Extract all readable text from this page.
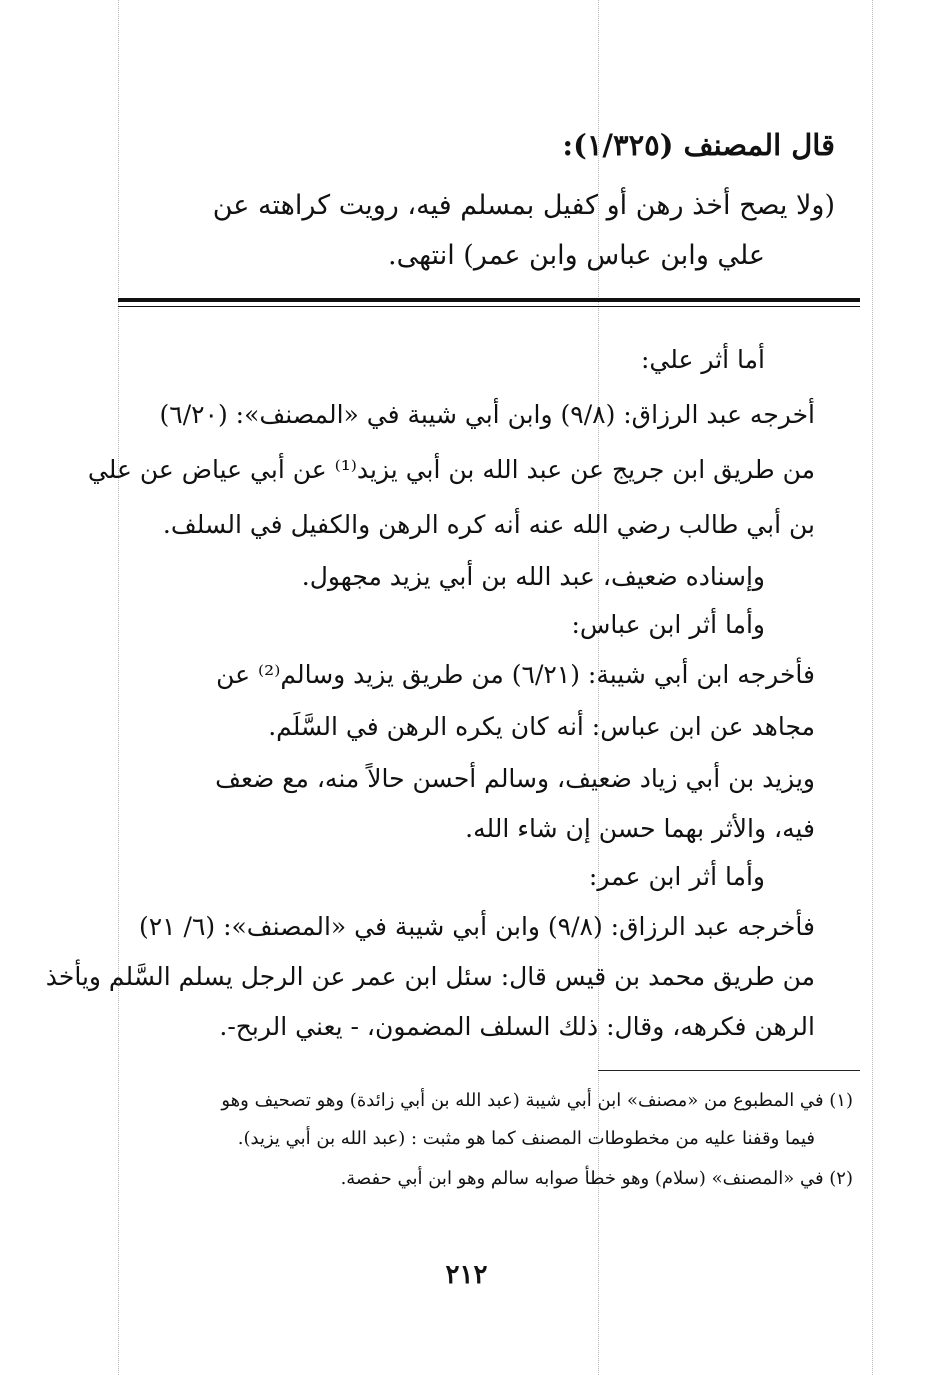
قال المصنف (١/٣٢٥):
(ولا يصح أخذ رهن أو كفيل بمسلم فيه، رويت كراهته عن
علي وابن عباس وابن عمر) انتهى.
أما أثر علي:
أخرجه عبد الرزاق: (٩/٨) وابن أبي شيبة في «المصنف»: (٦/٢٠)
من طريق ابن جريج عن عبد الله بن أبي يزيد⁽¹⁾ عن أبي عياض عن علي
بن أبي طالب رضي الله عنه أنه كره الرهن والكفيل في السلف.
وإسناده ضعيف، عبد الله بن أبي يزيد مجهول.
وأما أثر ابن عباس:
فأخرجه ابن أبي شيبة: (٦/٢١) من طريق يزيد وسالم⁽²⁾ عن
مجاهد عن ابن عباس: أنه كان يكره الرهن في السَّلَم.
ويزيد بن أبي زياد ضعيف، وسالم أحسن حالاً منه، مع ضعف
فيه، والأثر بهما حسن إن شاء الله.
وأما أثر ابن عمر:
فأخرجه عبد الرزاق: (٩/٨) وابن أبي شيبة في «المصنف»: (٦/ ٢١)
من طريق محمد بن قيس قال: سئل ابن عمر عن الرجل يسلم السَّلم ويأخذ
الرهن فكرهه، وقال: ذلك السلف المضمون، - يعني الربح-.
(١) في المطبوع من «مصنف» ابن أبي شيبة (عبد الله بن أبي زائدة) وهو تصحيف وهو
فيما وقفنا عليه من مخطوطات المصنف كما هو مثبت : (عبد الله بن أبي يزيد).
(٢) في «المصنف» (سلام) وهو خطأ صوابه سالم وهو ابن أبي حفصة.
٢١٢
